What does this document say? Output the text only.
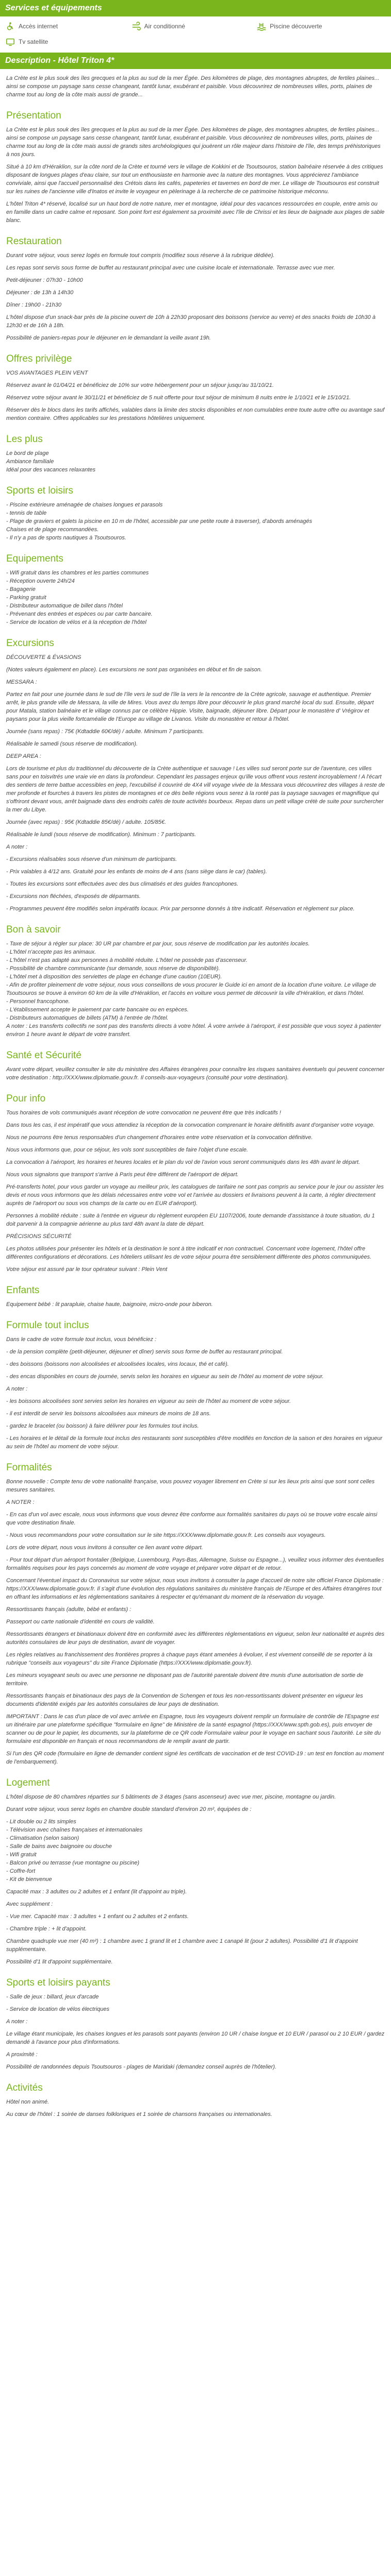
Services et équipements
Accès internet	Air conditionné	Piscine découverte
Tv satellite
Description - Hôtel Triton 4*

La Crète est le plus souk des îles grecques et la plus au sud de la mer Égée. Des kilomètres de plage, des montagnes abruptes, de fertiles plaines... ainsi se compose un paysage sans cesse changeant, tantôt lunar, exubérant et paisible. Vous découvrirez de nombreuses villes, ports, plaines de charme tout au long de la côte mais aussi de grande...

Présentation

La Crète est le plus souk des îles grecques et la plus au sud de la mer Égée. Des kilomètres de plage, des montagnes abruptes, de fertiles plaines... ainsi se compose un paysage sans cesse changeant, tantôt lunar, exubérant et paisible. Vous découvrirez de nombreuses villes, ports, plaines de charme tout au long de la côte mais aussi de grands sites archéologiques qui jouèrent un rôle majeur dans l'histoire de l'île, des temps préhistoriques à nos jours.

Situé à 10 km d'Héraklion, sur la côte nord de la Crète et tourné vers le village de Kokkini et de Tsoutsouros, station balnéaire réservée à des critiques disposant de longues plages d'eau claire, sur tout un enthousiaste en harmonie avec la nature des montagnes. Vous apprécierez l'ambiance conviviale, ainsi que l'accueil personnalisé des Crétois dans les cafés, papeteries et tavernes en bord de mer. Le village de Tsoutsouros est construit sur les ruines de l'ancienne ville d'Inatos et invite le voyageur en pèlerinage à la recherche de ce patrimoine historique méconnu.

L'hôtel Triton 4* réservé, localisé sur un haut bord de notre nature, mer et montagne, idéal pour des vacances ressourcées en couple, entre amis ou en famille dans un cadre calme et reposant. Son point fort est également sa proximité avec l'île de Chrissi et les lieux de baignade aux plages de sable blanc.

Restauration

Durant votre séjour, vous serez logés en formule tout compris (modifiez sous réserve à la rubrique dédiée).

Les repas sont servis sous forme de buffet au restaurant principal avec une cuisine locale et internationale. Terrasse avec vue mer.

Petit-déjeuner : 07h30 - 10h00

Déjeuner : de 13h à 14h30

Dîner : 19h00 - 21h30

L'hôtel dispose d'un snack-bar près de la piscine ouvert de 10h à 22h30 proposant des boissons (service au verre) et des snacks froids de 10h30 à 12h30 et de 16h à 18h.

Possibilité de paniers-repas pour le déjeuner en le demandant la veille avant 19h.

Offres privilège

VOS AVANTAGES PLEIN VENT

Réservez avant le 01/04/21 et bénéficiez de 10% sur votre hébergement pour un séjour jusqu'au 31/10/21.

Réservez votre séjour avant le 30/11/21 et bénéficiez de 5 nuit offerte pour tout séjour de minimum 8 nuits entre le 1/10/21 et le 15/10/21.

Réserver dès le blocs dans les tarifs affichés, valables dans la limite des stocks disponibles et non cumulables entre toute autre offre ou avantage sauf mention contraire. Offres applicables sur les prestations hôtelières uniquement.

Les plus
Le bord de plage
Ambiance familiale
Idéal pour des vacances relaxantes
Sports et loisirs
- Piscine extérieure aménagée de chaises longues et parasols
- tennis de table
- Plage de graviers et galets la piscine en 10 m de l'hôtel, accessible par une petite route à traverser), d'abords aménagés
Chaises et de plage recommandées.
- Il n'y a pas de sports nautiques à Tsoutsouros.
Equipements
- Wifi gratuit dans les chambres et les parties communes
- Réception ouverte 24h/24
- Bagagerie
- Parking gratuit
- Distributeur automatique de billet dans l'hôtel
- Prévenant des entrées et espèces ou par carte bancaire.
- Service de location de vélos et à la réception de l'hôtel
Excursions

DÉCOUVERTE & ÉVASIONS

(Notes valeurs également en place). Les excursions ne sont pas organisées en début et fin de saison.

MESSARA :

Partez en fait pour une journée dans le sud de l'île vers le sud de l'île la vers le la rencontre de la Crète agricole, sauvage et authentique. Premier arrêt, le plus grande ville de Messara, la ville de Mires. Vous avez du temps libre pour découvrir le plus grand marché local du sud. Ensuite, départ pour Matala, station balnéaire et le village connus par ce célèbre Hippie. Visite, baignade, déjeuner libre. Départ pour le monastère d' Vrégirov et paysans pour la plus vieille fortcaméalie de l'Europe au village de Livanos. Visite du monastère et retour à l'hôtel.

Journée (sans repas) : 75€ (Kdtaddie 60€/dé) / adulte. Minimum 7 participants.

Réalisable le samedi (sous réserve de modification).

DEEP AREA :

Lors de tourisme et plus du traditionnel du découverte de la Crète authentique et sauvage ! Les villes sud seront porte sur de l'aventure, ces villes sans pour en toisvitrés une vraie vie en dans la profondeur. Cependant les passages enjeux qu'ille vous offrent vous restent incroyablement ! A l'écart des sentiers de terre battue accessibles en jeep, l'excubilisé il couvriré de 4X4 vill voyage vivée de la Messara vous découvrirez des villages à reste de mer profonde et fourches à travers les pistes de montagnes et ce dès belle régions vous serez à la ronté pas la paysage sauvages et magnifique qui s'offriront devant vous, arrêt baignade dans des endroits cafés de toute activités bourbeux. Repas dans un petit village crétè de suite pour surchercher la mer du Libye.

Journée (avec repas) : 95€ (Kdtaddie 85€/dé) / adulte. 105/85€.

Réalisable le lundi (sous réserve de modification). Minimum : 7 participants.

A noter :

- Excursions réalisables sous réserve d'un minimum de participants.

- Prix valables à 4/12 ans. Gratuité pour les enfants de moins de 4 ans (sans siège dans le car) (tables).

- Toutes les excursions sont effectuées avec des bus climatisés et des guides francophones.

- Excursions non fléchées, d'exposés de déparmants.

- Programmes peuvent être modifiés selon impératifs locaux. Prix par personne donnés à titre indicatif. Réservation et règlement sur place.

Bon à savoir
- Taxe de séjour à régler sur place: 30 UR par chambre et par jour, sous réserve de modification par les autorités locales.
- L'hôtel n'accepte pas les animaux.
- L'hôtel n'est pas adapté aux personnes à mobilité réduite. L'hôtel ne possède pas d'ascenseur.
- Possibilité de chambre communicante (sur demande, sous réserve de disponibilité).
- L'hôtel met à disposition des serviettes de plage en échange d'une caution (10EUR).
- Afin de profiter pleinement de votre séjour, nous vous conseillons de vous procurer le Guide ici en amont de la location d'une voiture. Le village de Tsoutsouros se trouve à environ 60 km de la ville d'Héraklion, et l'accès en voiture vous permet de découvrir la ville d'Héraklion, et dans l'hôtel.
- Personnel francophone.
- L'établissement accepte le paiement par carte bancaire ou en espèces.
- Distributeurs automatiques de billets (ATM) à l'entrée de l'hôtel.
A noter : Les transferts collectifs ne sont pas des transferts directs à votre hôtel. À votre arrivée à l'aéroport, il est possible que vous soyez à patienter environ 1 heure avant le départ de votre transfert.
Santé et Sécurité

Avant votre départ, veuillez consulter le site du ministère des Affaires étrangères pour connaître les risques sanitaires éventuels qui peuvent concerner votre destination : http://XXX/www.diplomatie.gouv.fr. Il conseils-aux-voyageurs (consulté pour votre destination).

Pour info

Tous horaires de vols communiqués avant réception de votre convocation ne peuvent être que très indicatifs !

Dans tous les cas, il est impératif que vous attendiez la réception de la convocation comprenant le horaire définitifs avant d'organiser votre voyage.

Nous ne pourrons être tenus responsables d'un changement d'horaires entre votre réservation et la convocation définitive.

Nous vous informons que, pour ce séjour, les vols sont susceptibles de faire l'objet d'une escale.

La convocation à l'aéroport, les horaires et heures locales et le plan du vol de l'avion vous seront communiqués dans les 48h avant le départ.

Nous vous signalons que transport s'arrive à Paris peut être différent de l'aéroport de départ.

Pré-transferts hotel, pour vous garder un voyage au meilleur prix, les catalogues de tarifaire ne sont pas compris au service pour le jour ou assister les devis et nous vous informons que les délais nécessaires entre votre vol et l'arrivée au dossiers et livraisons peuvent à la carte, à régler directement auprès de l'aéroport ou sous vos champs de la carte ou en EUR d'aéroport).

Personnes à mobilité réduite : suite à l'entrée en vigueur du règlement européen EU 1107/2006, toute demande d'assistance à toute situation, du 1 doit parvenir à la compagnie aérienne au plus tard 48h avant la date de départ.

PRÉCISIONS SÉCURITÉ

Les photos utilisées pour présenter les hôtels et la destination le sont à titre indicatif et non contractuel. Concernant votre logement, l'hôtel offre différentes configurations et décorations. Les hôteliers utilisant les de votre séjour pourra être sensiblement différente des photos communiquées.

Votre séjour est assuré par le tour opérateur suivant : Plein Vent

Enfants

Equipement bébé : lit parapluie, chaise haute, baignoire, micro-onde pour biberon.

Formule tout inclus

Dans le cadre de votre formule tout inclus, vous bénéficiez :

- de la pension complète (petit-déjeuner, déjeuner et dîner) servis sous forme de buffet au restaurant principal.

- des boissons (boissons non alcoolisées et alcoolisées locales, vins locaux, thé et café).

- des encas disponibles en cours de journée, servis selon les horaires en vigueur au sein de l'hôtel au moment de votre séjour.

A noter :

- les boissons alcoolisées sont servies selon les horaires en vigueur au sein de l'hôtel au moment de votre séjour.

- il est interdit de servir les boissons alcoolisées aux mineurs de moins de 18 ans.

- gardez le bracelet (ou boisson) à faire délivrer pour les formules tout inclus.

- Les horaires et le détail de la formule tout inclus des restaurants sont susceptibles d'être modifiés en fonction de la saison et des horaires en vigueur au sein de l'hôtel au moment de votre séjour.

Formalités

Bonne nouvelle : Compte tenu de votre nationalité française, vous pouvez voyager librement en Crète si sur les lieux pris ainsi que sont sont celles mesures sanitaires.

A NOTER :

- En cas d'un vol avec escale, nous vous informons que vous devrez être conforme aux formalités sanitaires du pays où se trouve votre escale ainsi que votre destination finale.

- Nous vous recommandons pour votre consultation sur le site https://XXX/www.diplomatie.gouv.fr. Les conseils aux voyageurs.

Lors de votre départ, nous vous invitons à consulter ce lien avant votre départ.

- Pour tout départ d'un aéroport frontalier (Belgique, Luxembourg, Pays-Bas, Allemagne, Suisse ou Espagne...), veuillez vous informer des éventuelles formalités requises pour les pays concernés au moment de votre voyage et préparer votre départ et de retour.

Concernant l'éventuel impact du Coronavirus sur votre séjour, nous vous invitons à consulter la page d'accueil de notre site officiel France Diplomatie : https://XXX/www.diplomatie.gouv.fr. Il s'agit d'une évolution des régulations sanitaires du ministère français de l'Europe et des Affaires étrangères tout en offrant les informations et les réglementations sanitaires à respecter et qu'émanant du moment de la réservation du voyage.

Ressortissants français (adulte, bébé et enfants) :

Passeport ou carte nationale d'identité en cours de validité.

Ressortissants étrangers et binationaux doivent être en conformité avec les différentes réglementations en vigueur, selon leur nationalité et auprès des autorités consulaires de leur pays de destination, avant de voyager.

Les règles relatives au franchissement des frontières propres à chaque pays étant amenées à évoluer, il est vivement conseillé de se reporter à la rubrique "conseils aux voyageurs" du site France Diplomatie (https://XXX/www.diplomatie.gouv.fr).

Les mineurs voyageant seuls ou avec une personne ne disposant pas de l'autorité parentale doivent être munis d'une autorisation de sortie de territoire.

Ressortissants français et binationaux des pays de la Convention de Schengen et tous les non-ressortissants doivent présenter en vigueur les documents d'identité exigés par les autorités consulaires de leur pays de destination.

IMPORTANT : Dans le cas d'un place de vol avec arrivée en Espagne, tous les voyageurs doivent remplir un formulaire de contrôle de l'Espagne est un itinéraire par une plateforme spécifique "formulaire en ligne" de Ministère de la santé espagnol (https://XXX/www.spth.gob.es), puis envoyer de scanner ou de pour le papier, les documents, sur la plateforme de ce QR code Formulaire valeur pour le voyage en sachant sous l'autorité. Le site du formulaire est disponible en français et nous recommandons de le remplir avant de partir.

Si l'un des QR code (formulaire en ligne de demander contient signé les certificats de vaccination et de test COVID-19 : un test en fonction au moment de l'embarquement).

Logement

L'hôtel dispose de 80 chambres réparties sur 5 bâtiments de 3 étages (sans ascenseur) avec vue mer, piscine, montagne ou jardin.

Durant votre séjour, vous serez logés en chambre double standard d'environ 20 m², équipées de :

- Lit double ou 2 lits simples
- Télévision avec chaînes françaises et internationales
- Climatisation (selon saison)
- Salle de bains avec baignoire ou douche
- Wifi gratuit
- Balcon privé ou terrasse (vue montagne ou piscine)
- Coffre-fort
- Kit de bienvenue

Capacité max : 3 adultes ou 2 adultes et 1 enfant (lit d'appoint au triple).

Avec supplément :

- Vue mer. Capacité max : 3 adultes + 1 enfant ou 2 adultes et 2 enfants.

- Chambre triple : + lit d'appoint.

Chambre quadruple vue mer (40 m²) : 1 chambre avec 1 grand lit et 1 chambre avec 1 canapé lit (pour 2 adultes). Possibilité d'1 lit d'appoint supplémentaire.

Possibilité d'1 lit d'appoint supplémentaire.

Sports et loisirs payants

- Salle de jeux : billard, jeux d'arcade

- Service de location de vélos électriques

A noter :

Le village étant municipale, les chaises longues et les parasols sont payants (environ 10 UR / chaise longue et 10 EUR / parasol ou 2 10 EUR / gardez demandé à l'avance pour plus d'informations.

A proximité :

Possibilité de randonnées depuis Tsoutsouros - plages de Maridaki (demandez conseil auprès de l'hôtelier).

Activités

Hôtel non animé.

Au cœur de l'hôtel : 1 soirée de danses folkloriques et 1 soirée de chansons françaises ou internationales.
